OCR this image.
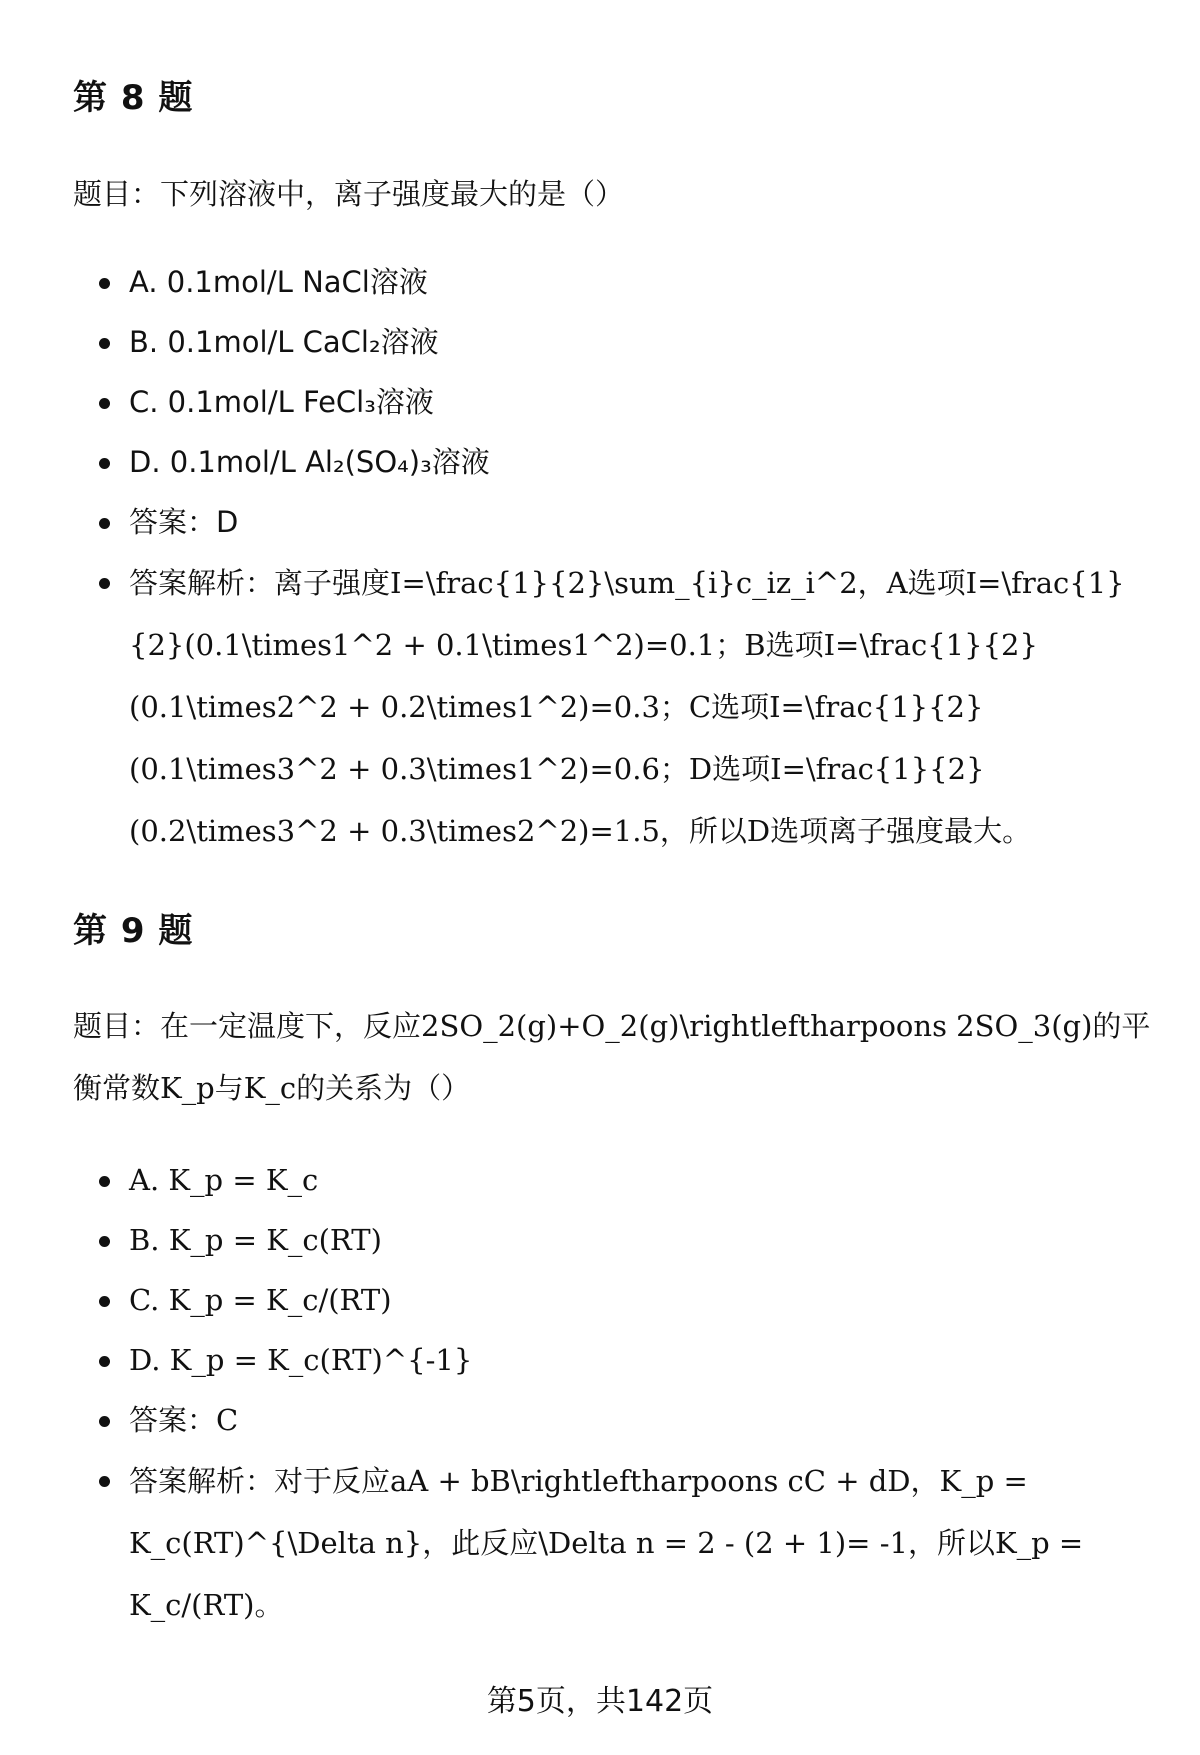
第 8 题

题目：下列溶液中，离子强度最大的是（）

A. 0.1mol/L NaCl溶液
B. 0.1mol/L CaCl₂溶液
C. 0.1mol/L FeCl₃溶液
D. 0.1mol/L Al₂(SO₄)₃溶液
答案：D
答案解析：离子强度I=\frac{1}{2}\sum_{i}c_iz_i^2，A选项I=\frac{1}{2}(0.1\times1^2 + 0.1\times1^2)=0.1；B选项I=\frac{1}{2}(0.1\times2^2 + 0.2\times1^2)=0.3；C选项I=\frac{1}{2}(0.1\times3^2 + 0.3\times1^2)=0.6；D选项I=\frac{1}{2}(0.2\times3^2 + 0.3\times2^2)=1.5，所以D选项离子强度最大。
第 9 题

题目：在一定温度下，反应2SO_2(g)+O_2(g)\rightleftharpoons 2SO_3(g)的平衡常数K_p与K_c的关系为（）

A. K_p = K_c
B. K_p = K_c(RT)
C. K_p = K_c/(RT)
D. K_p = K_c(RT)^{-1}
答案：C
答案解析：对于反应aA + bB\rightleftharpoons cC + dD，K_p = K_c(RT)^{\Delta n}，此反应\Delta n = 2 - (2 + 1)= -1，所以K_p = K_c/(RT)。
第5页，共142页
